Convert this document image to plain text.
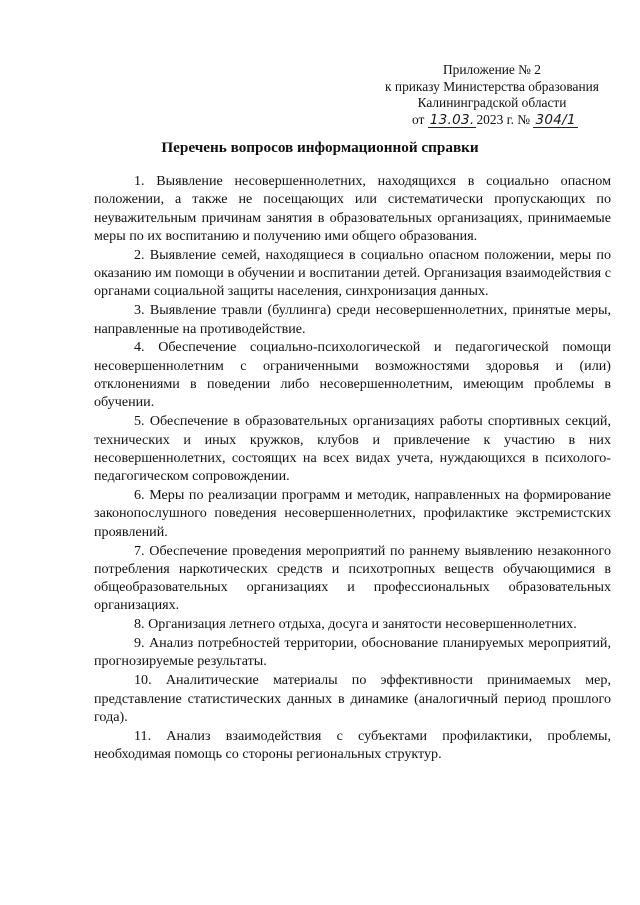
Приложение № 2
к приказу Министерства образования
Калининградской области
от 13.03. 2023 г. № 304/1
Перечень вопросов информационной справки

1. Выявление несовершеннолетних, находящихся в социально опасном положении, а также не посещающих или систематически пропускающих по неуважительным причинам занятия в образовательных организациях, принимаемые меры по их воспитанию и получению ими общего образования.

2. Выявление семей, находящиеся в социально опасном положении, меры по оказанию им помощи в обучении и воспитании детей. Организация взаимодействия с органами социальной защиты населения, синхронизация данных.

3. Выявление травли (буллинга) среди несовершеннолетних, принятые меры, направленные на противодействие.

4. Обеспечение социально-психологической и педагогической помощи несовершеннолетним с ограниченными возможностями здоровья и (или) отклонениями в поведении либо несовершеннолетним, имеющим проблемы в обучении.

5. Обеспечение в образовательных организациях работы спортивных секций, технических и иных кружков, клубов и привлечение к участию в них несовершеннолетних, состоящих на всех видах учета, нуждающихся в психолого-педагогическом сопровождении.

6. Меры по реализации программ и методик, направленных на формирование законопослушного поведения несовершеннолетних, профилактике экстремистских проявлений.

7. Обеспечение проведения мероприятий по раннему выявлению незаконного потребления наркотических средств и психотропных веществ обучающимися в общеобразовательных организациях и профессиональных образовательных организациях.

8. Организация летнего отдыха, досуга и занятости несовершеннолетних.

9. Анализ потребностей территории, обоснование планируемых мероприятий, прогнозируемые результаты.

10. Аналитические материалы по эффективности принимаемых мер, представление статистических данных в динамике (аналогичный период прошлого года).

11. Анализ взаимодействия с субъектами профилактики, проблемы, необходимая помощь со стороны региональных структур.
